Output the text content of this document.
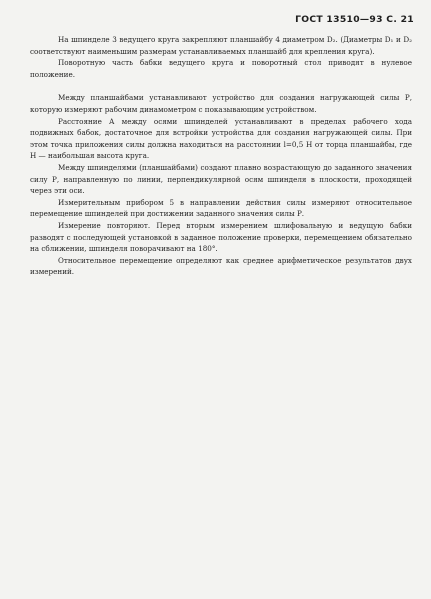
ГОСТ 13510—93 С. 21

На шпинделе 3 ведущего круга закрепляют планшайбу 4 диаметром D₂. (Диаметры D₁ и D₂ соответствуют наименьшим размерам устанавливаемых планшайб для крепления круга).

Поворотную часть бабки ведущего круга и поворотный стол приводят в нулевое положение.

Между планшайбами устанавливают устройство для создания нагружающей силы Р, которую измеряют рабочим динамометром с показывающим устройством.

Расстояние А между осями шпинделей устанавливают в пределах рабочего хода подвижных бабок, достаточное для встройки устройства для создания нагружающей силы. При этом точка приложения силы должна находиться на расстоянии l=0,5 H от торца планшайбы, где H — наибольшая высота круга.

Между шпинделями (планшайбами) создают плавно возрастающую до заданного значения силу Р, направленную по линии, перпендикулярной осям шпинделя в плоскости, проходящей через эти оси.

Измерительным прибором 5 в направлении действия силы измеряют относительное перемещение шпинделей при достижении заданного значения силы Р.

Измерение повторяют. Перед вторым измерением шлифовальную и ведущую бабки разводят с последующей установкой в заданное положение проверки, перемещением обязательно на сближении, шпинделя поворачивают на 180°.

Относительное перемещение определяют как среднее арифметическое результатов двух измерений.
